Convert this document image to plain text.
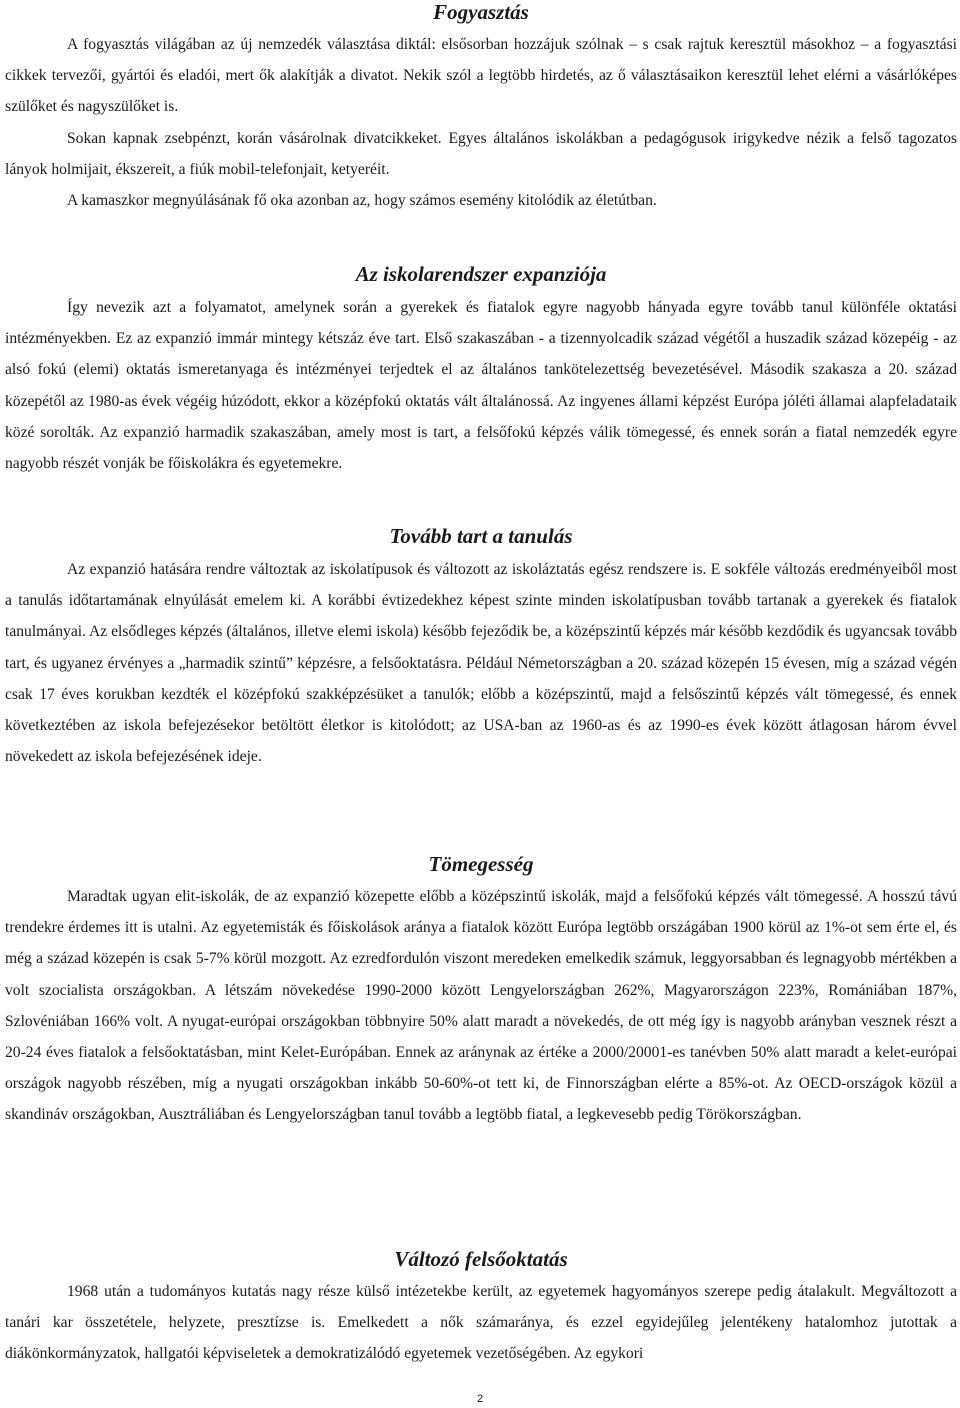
Fogyasztás

A fogyasztás világában az új nemzedék választása diktál: elsősorban hozzájuk szólnak – s csak rajtuk keresztül másokhoz – a fogyasztási cikkek tervezői, gyártói és eladói, mert ők alakítják a divatot. Nekik szól a legtöbb hirdetés, az ő választásaikon keresztül lehet elérni a vásárlóképes szülőket és nagyszülőket is.

Sokan kapnak zsebpénzt, korán vásárolnak divatcikkeket. Egyes általános iskolákban a pedagógusok irigykedve nézik a felső tagozatos lányok holmijait, ékszereit, a fiúk mobil-telefonjait, ketyeréit.

A kamaszkor megnyúlásának fő oka azonban az, hogy számos esemény kitolódik az életútban.

Az iskolarendszer expanziója

Így nevezik azt a folyamatot, amelynek során a gyerekek és fiatalok egyre nagyobb hányada egyre tovább tanul különféle oktatási intézményekben. Ez az expanzió immár mintegy kétszáz éve tart. Első szakaszában - a tizennyolcadik század végétől a huszadik század közepéig - az alsó fokú (elemi) oktatás ismeretanyaga és intézményei terjedtek el az általános tankötelezettség bevezetésével. Második szakasza a 20. század közepétől az 1980-as évek végéig húzódott, ekkor a középfokú oktatás vált általánossá. Az ingyenes állami képzést Európa jóléti államai alapfeladataik közé sorolták. Az expanzió harmadik szakaszában, amely most is tart, a felsőfokú képzés válik tömegessé, és ennek során a fiatal nemzedék egyre nagyobb részét vonják be főiskolákra és egyetemekre.

Tovább tart a tanulás

Az expanzió hatására rendre változtak az iskolatípusok és változott az iskoláztatás egész rendszere is. E sokféle változás eredményeiből most a tanulás időtartamának elnyúlását emelem ki. A korábbi évtizedekhez képest szinte minden iskolatípusban tovább tartanak a gyerekek és fiatalok tanulmányai. Az elsődleges képzés (általános, illetve elemi iskola) később fejeződik be, a középszintű képzés már később kezdődik és ugyancsak tovább tart, és ugyanez érvényes a „harmadik szintű” képzésre, a felsőoktatásra. Például Németországban a 20. század közepén 15 évesen, míg a század végén csak 17 éves korukban kezdték el középfokú szakképzésüket a tanulók; előbb a középszintű, majd a felsőszintű képzés vált tömegessé, és ennek következtében az iskola befejezésekor betöltött életkor is kitolódott; az USA-ban az 1960-as és az 1990-es évek között átlagosan három évvel növekedett az iskola befejezésének ideje.

Tömegesség

Maradtak ugyan elit-iskolák, de az expanzió közepette előbb a középszintű iskolák, majd a felsőfokú képzés vált tömegessé. A hosszú távú trendekre érdemes itt is utalni. Az egyetemisták és főiskolások aránya a fiatalok között Európa legtöbb országában 1900 körül az 1%-ot sem érte el, és még a század közepén is csak 5-7% körül mozgott. Az ezredfordulón viszont meredeken emelkedik számuk, leggyorsabban és legnagyobb mértékben a volt szocialista országokban. A létszám növekedése 1990-2000 között Lengyelországban 262%, Magyarországon 223%, Romániában 187%, Szlovéniában 166% volt. A nyugat-európai országokban többnyire 50% alatt maradt a növekedés, de ott még így is nagyobb arányban vesznek részt a 20-24 éves fiatalok a felsőoktatásban, mint Kelet-Európában. Ennek az aránynak az értéke a 2000/20001-es tanévben 50% alatt maradt a kelet-európai országok nagyobb részében, míg a nyugati országokban inkább 50-60%-ot tett ki, de Finnországban elérte a 85%-ot. Az OECD-országok közül a skandináv országokban, Ausztráliában és Lengyelországban tanul tovább a legtöbb fiatal, a legkevesebb pedig Törökországban.

Változó felsőoktatás

1968 után a tudományos kutatás nagy része külső intézetekbe került, az egyetemek hagyományos szerepe pedig átalakult. Megváltozott a tanári kar összetétele, helyzete, presztízse is. Emelkedett a nők számaránya, és ezzel egyidejűleg jelentékeny hatalomhoz jutottak a diákönkormányzatok, hallgatói képviseletek a demokratizálódó egyetemek vezetőségében. Az egykori

2
